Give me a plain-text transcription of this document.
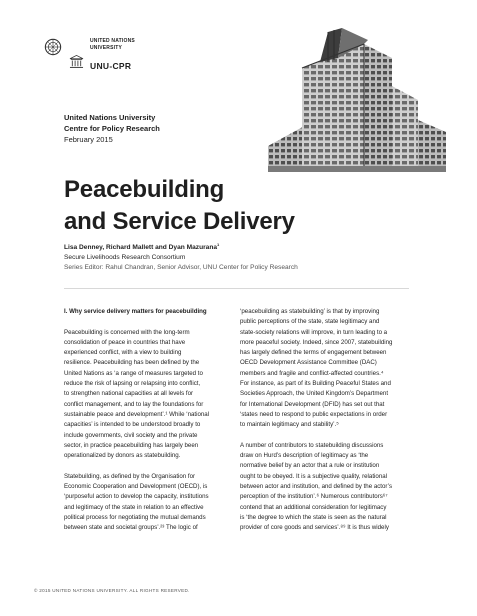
UNITED NATIONS
UNIVERSITY
UNU-CPR
United Nations University
Centre for Policy Research
February 2015
Peacebuilding
and Service Delivery
Lisa Denney, Richard Mallett and Dyan Mazurana$^1$
Secure Livelihoods Research Consortium
Series Editor: Rahul Chandran, Senior Advisor, UNU Center for Policy Research
I. Why service delivery matters for peacebuilding
Peacebuilding is concerned with the long-term
consolidation of peace in countries that have
experienced conflict, with a view to building
resilience. Peacebuilding has been defined by the
United Nations as ‘a range of measures targeted to
reduce the risk of lapsing or relapsing into conflict,
to strengthen national capacities at all levels for
conflict management, and to lay the foundations for
sustainable peace and development’.¹ While ‘national
capacities’ is intended to be understood broadly to
include governments, civil society and the private
sector, in practice peacebuilding has largely been
operationalized by donors as statebuilding.
Statebuilding, as defined by the Organisation for
Economic Cooperation and Development (OECD), is
‘purposeful action to develop the capacity, institutions
and legitimacy of the state in relation to an effective
political process for negotiating the mutual demands
between state and societal groups’.²³ The logic of
‘peacebuilding as statebuilding’ is that by improving
public perceptions of the state, state legitimacy and
state-society relations will improve, in turn leading to a
more peaceful society. Indeed, since 2007, statebuilding
has largely defined the terms of engagement between
OECD Development Assistance Committee (DAC)
members and fragile and conflict-affected countries.⁴
For instance, as part of its Building Peaceful States and
Societies Approach, the United Kingdom’s Department
for International Development (DFID) has set out that
‘states need to respond to public expectations in order
to maintain legitimacy and stability’.⁵
A number of contributors to statebuilding discussions
draw on Hurd’s description of legitimacy as ‘the
normative belief by an actor that a rule or institution
ought to be obeyed. It is a subjective quality, relational
between actor and institution, and defined by the actor’s
perception of the institution’.⁶ Numerous contributors⁶⁷
contend that an additional consideration for legitimacy
is ‘the degree to which the state is seen as the natural
provider of core goods and services’.⁸⁹ It is thus widely
© 2015 UNITED NATIONS UNIVERSITY. ALL RIGHTS RESERVED.
